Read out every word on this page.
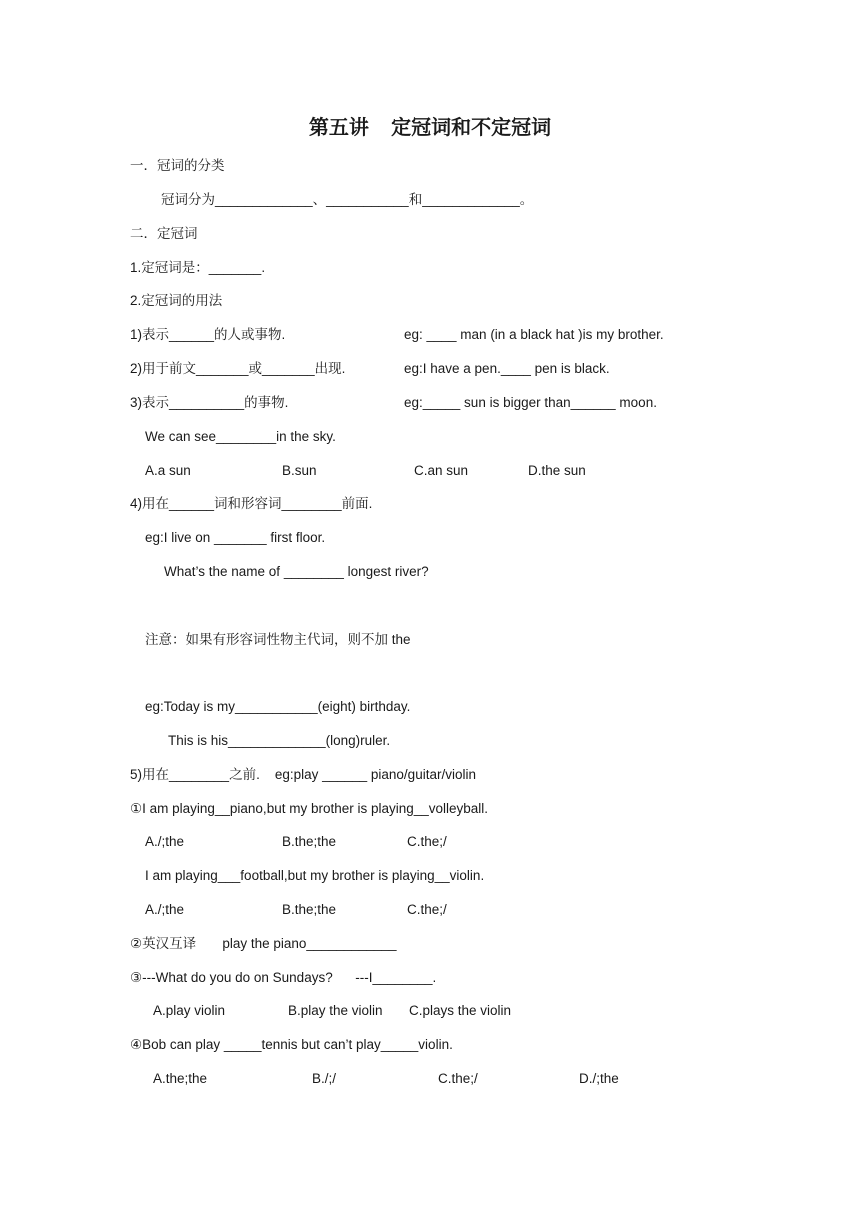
第五讲    定冠词和不定冠词
一．冠词的分类
冠词分为_____________、___________和_____________。
二．定冠词
1.定冠词是：_______.
2.定冠词的用法
1)表示______的人或事物.	eg: ____ man (in a black hat )is my brother.
2)用于前文_______或_______出现.	eg:I have a pen.____ pen is black.
3)表示__________的事物.	eg:_____ sun is bigger than______ moon.
We can see________in the sky.
A.a sun	B.sun	C.an sun	D.the sun
4)用在______词和形容词________前面.
eg:I live on _______ first floor.
What’s the name of ________ longest river?
注意：如果有形容词性物主代词，则不加 the
eg:Today is my___________(eight) birthday.
This is his_____________(long)ruler.
5)用在________之前.    eg:play ______ piano/guitar/violin
①I am playing__piano,but my brother is playing__volleyball.
A./;the	B.the;the	C.the;/
I am playing___football,but my brother is playing__violin.
A./;the	B.the;the	C.the;/
②英汉互译       play the piano____________
③---What do you do on Sundays?      ---I________.
A.play violin	B.play the violin C.plays the violin
④Bob can play _____tennis but can’t play_____violin.
A.the;the	B./;/	C.the;/	D./;the
